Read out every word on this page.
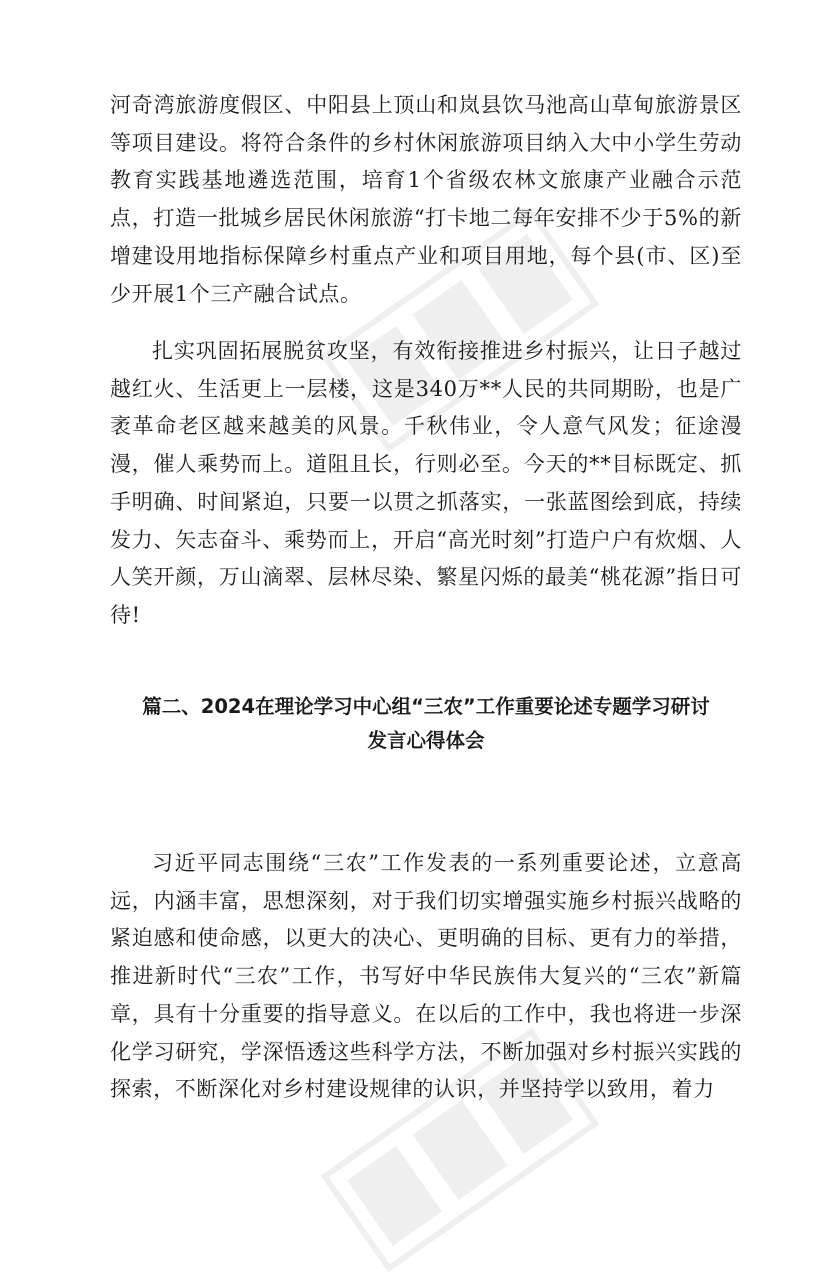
河奇湾旅游度假区、中阳县上顶山和岚县饮马池高山草甸旅游景区等项目建设。将符合条件的乡村休闲旅游项目纳入大中小学生劳动教育实践基地遴选范围，培育1个省级农林文旅康产业融合示范点，打造一批城乡居民休闲旅游“打卡地二每年安排不少于5%的新增建设用地指标保障乡村重点产业和项目用地，每个县(市、区)至少开展1个三产融合试点。

扎实巩固拓展脱贫攻坚，有效衔接推进乡村振兴，让日子越过越红火、生活更上一层楼，这是340万**人民的共同期盼，也是广袤革命老区越来越美的风景。千秋伟业，令人意气风发；征途漫漫，催人乘势而上。道阻且长，行则必至。今天的**目标既定、抓手明确、时间紧迫，只要一以贯之抓落实，一张蓝图绘到底，持续发力、矢志奋斗、乘势而上，开启“高光时刻”打造户户有炊烟、人人笑开颜，万山滴翠、层林尽染、繁星闪烁的最美“桃花源”指日可待!

篇二、2024在理论学习中心组“三农”工作重要论述专题学习研讨
发言心得体会

习近平同志围绕“三农”工作发表的一系列重要论述，立意高远，内涵丰富，思想深刻，对于我们切实增强实施乡村振兴战略的紧迫感和使命感，以更大的决心、更明确的目标、更有力的举措，推进新时代“三农”工作，书写好中华民族伟大复兴的“三农”新篇章，具有十分重要的指导意义。在以后的工作中，我也将进一步深化学习研究，学深悟透这些科学方法，不断加强对乡村振兴实践的探索，不断深化对乡村建设规律的认识，并坚持学以致用，着力
